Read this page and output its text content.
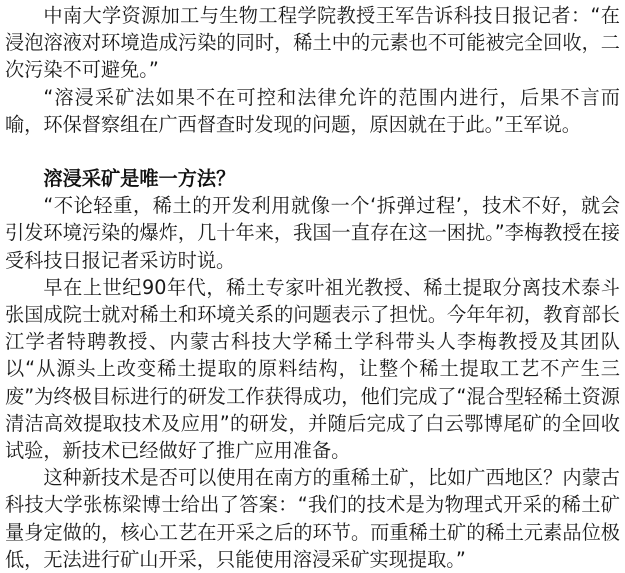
中南大学资源加工与生物工程学院教授王军告诉科技日报记者：“在浸泡溶液对环境造成污染的同时，稀土中的元素也不可能被完全回收，二次污染不可避免。”

“溶浸采矿法如果不在可控和法律允许的范围内进行，后果不言而喻，环保督察组在广西督查时发现的问题，原因就在于此。”王军说。

溶浸采矿是唯一方法？

“不论轻重，稀土的开发利用就像一个‘拆弹过程’，技术不好，就会引发环境污染的爆炸，几十年来，我国一直存在这一困扰。”李梅教授在接受科技日报记者采访时说。

早在上世纪90年代，稀土专家叶祖光教授、稀土提取分离技术泰斗张国成院士就对稀土和环境关系的问题表示了担忧。今年年初，教育部长江学者特聘教授、内蒙古科技大学稀土学科带头人李梅教授及其团队以“从源头上改变稀土提取的原料结构，让整个稀土提取工艺不产生三废”为终极目标进行的研发工作获得成功，他们完成了“混合型轻稀土资源清洁高效提取技术及应用”的研发，并随后完成了白云鄂博尾矿的全回收试验，新技术已经做好了推广应用准备。

这种新技术是否可以使用在南方的重稀土矿，比如广西地区？内蒙古科技大学张栋梁博士给出了答案：“我们的技术是为物理式开采的稀土矿量身定做的，核心工艺在开采之后的环节。而重稀土矿的稀土元素品位极低，无法进行矿山开采，只能使用溶浸采矿实现提取。”
